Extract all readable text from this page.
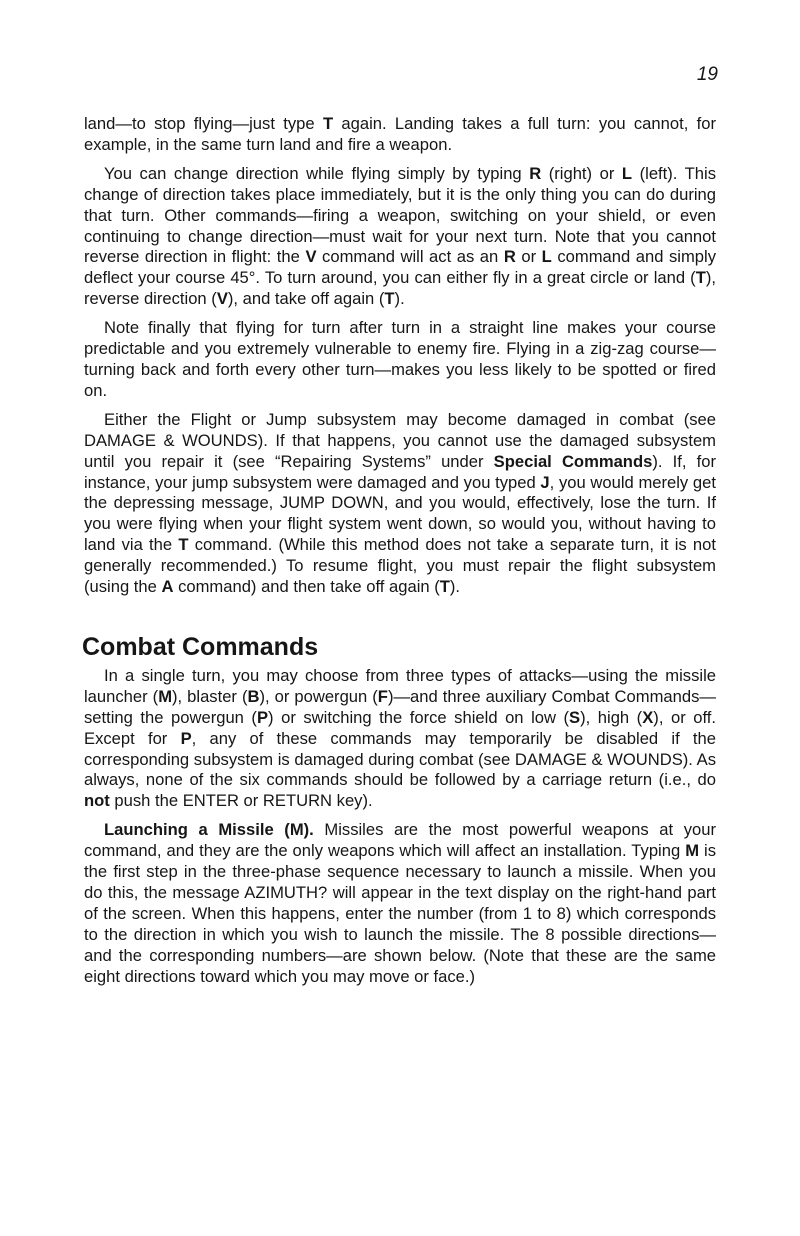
19

land—to stop flying—just type T again. Landing takes a full turn: you cannot, for example, in the same turn land and fire a weapon.

You can change direction while flying simply by typing R (right) or L (left). This change of direction takes place immediately, but it is the only thing you can do during that turn. Other commands—firing a weapon, switching on your shield, or even continuing to change direction—must wait for your next turn. Note that you cannot reverse direction in flight: the V command will act as an R or L command and simply deflect your course 45°. To turn around, you can either fly in a great circle or land (T), reverse direction (V), and take off again (T).

Note finally that flying for turn after turn in a straight line makes your course predictable and you extremely vulnerable to enemy fire. Flying in a zig-zag course—turning back and forth every other turn—makes you less likely to be spotted or fired on.

Either the Flight or Jump subsystem may become damaged in combat (see DAMAGE & WOUNDS). If that happens, you cannot use the damaged subsystem until you repair it (see “Repairing Systems” under Special Commands). If, for instance, your jump subsystem were damaged and you typed J, you would merely get the depressing message, JUMP DOWN, and you would, effectively, lose the turn. If you were flying when your flight system went down, so would you, without having to land via the T command. (While this method does not take a separate turn, it is not generally recommended.) To resume flight, you must repair the flight subsystem (using the A command) and then take off again (T).

Combat Commands

In a single turn, you may choose from three types of attacks—using the missile launcher (M), blaster (B), or powergun (F)—and three auxiliary Combat Commands—setting the powergun (P) or switching the force shield on low (S), high (X), or off. Except for P, any of these commands may temporarily be disabled if the corresponding subsystem is damaged during combat (see DAMAGE & WOUNDS). As always, none of the six commands should be followed by a carriage return (i.e., do not push the ENTER or RETURN key).

Launching a Missile (M). Missiles are the most powerful weapons at your command, and they are the only weapons which will affect an installation. Typing M is the first step in the three-phase sequence necessary to launch a missile. When you do this, the message AZIMUTH? will appear in the text display on the right-hand part of the screen. When this happens, enter the number (from 1 to 8) which corresponds to the direction in which you wish to launch the missile. The 8 possible directions—and the corresponding numbers—are shown below. (Note that these are the same eight directions toward which you may move or face.)
